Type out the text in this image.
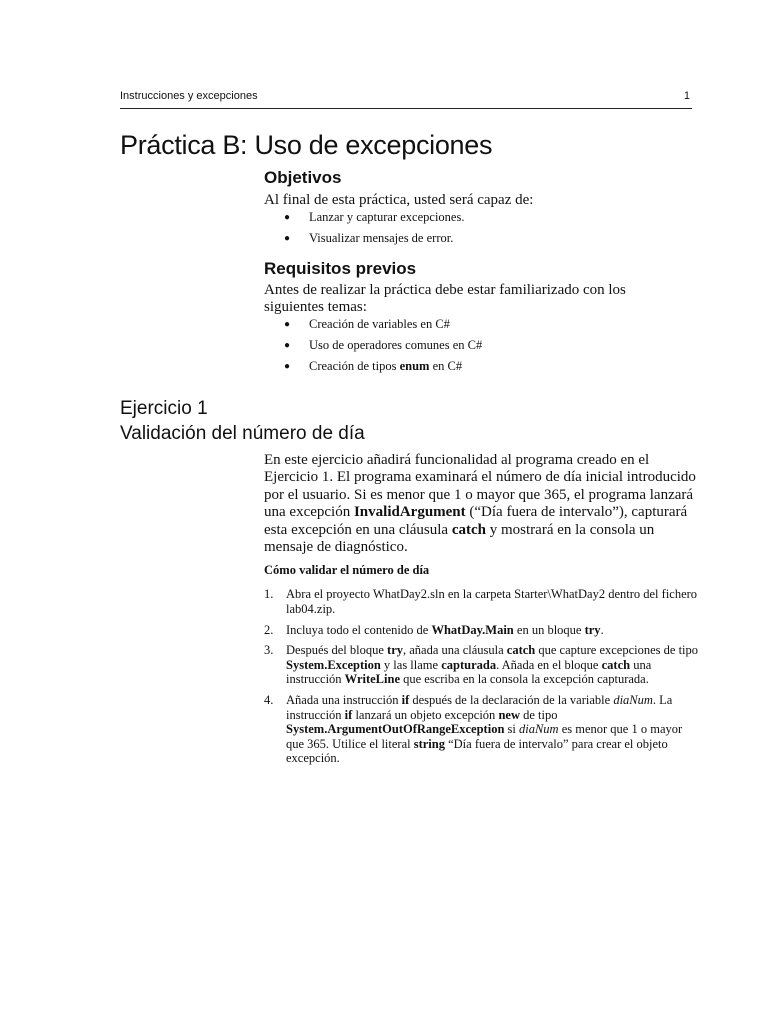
Instrucciones y excepciones	1
Práctica B: Uso de excepciones
Objetivos

Al final de esta práctica, usted será capaz de:

● Lanzar y capturar excepciones.
● Visualizar mensajes de error.
Requisitos previos

Antes de realizar la práctica debe estar familiarizado con los siguientes temas:

● Creación de variables en C#
● Uso de operadores comunes en C#
● Creación de tipos enum en C#
Ejercicio 1
Validación del número de día

En este ejercicio añadirá funcionalidad al programa creado en el Ejercicio 1. El programa examinará el número de día inicial introducido por el usuario. Si es menor que 1 o mayor que 365, el programa lanzará una excepción InvalidArgument (“Día fuera de intervalo”), capturará esta excepción en una cláusula catch y mostrará en la consola un mensaje de diagnóstico.

Cómo validar el número de día

1. Abra el proyecto WhatDay2.sln en la carpeta Starter\WhatDay2 dentro del fichero lab04.zip.
2. Incluya todo el contenido de WhatDay.Main en un bloque try.
3. Después del bloque try, añada una cláusula catch que capture excepciones de tipo System.Exception y las llame capturada. Añada en el bloque catch una instrucción WriteLine que escriba en la consola la excepción capturada.
4. Añada una instrucción if después de la declaración de la variable diaNum. La instrucción if lanzará un objeto excepción new de tipo System.ArgumentOutOfRangeException si diaNum es menor que 1 o mayor que 365. Utilice el literal string “Día fuera de intervalo” para crear el objeto excepción.
